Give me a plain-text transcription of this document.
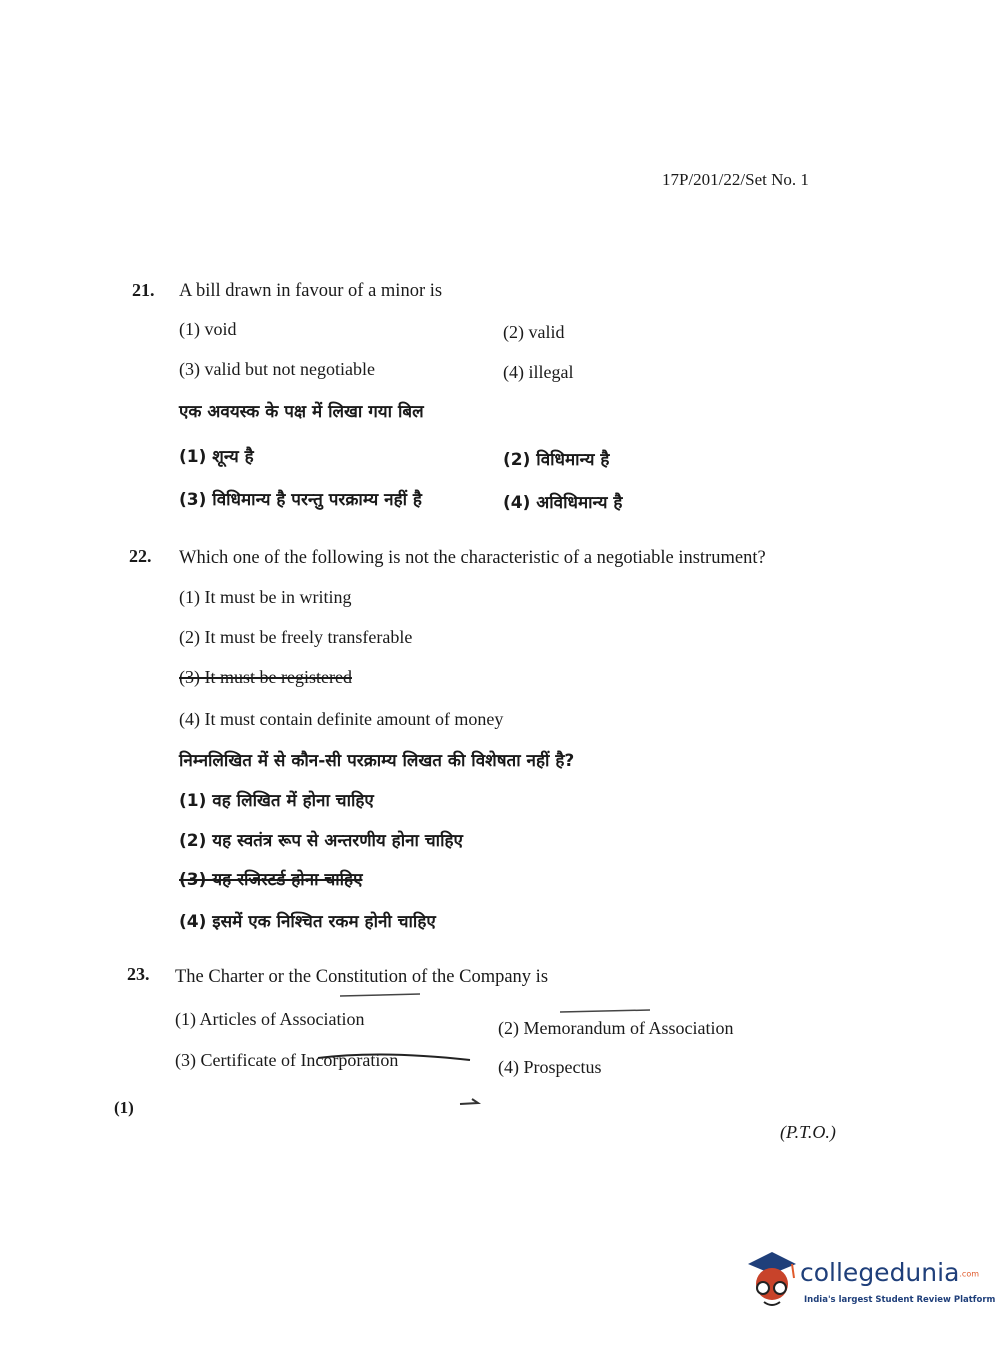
17P/201/22/Set No. 1
21. A bill drawn in favour of a minor is
(1) void	(2) valid
(3) valid but not negotiable	(4) illegal
एक अवयस्क के पक्ष में लिखा गया बिल
(1) शून्य है	(2) विधिमान्य है
(3) विधिमान्य है परन्तु परक्राम्य नहीं है	(4) अविधिमान्य है
22. Which one of the following is not the characteristic of a negotiable instrument?
(1) It must be in writing
(2) It must be freely transferable
(3) It must be registered
(4) It must contain definite amount of money
निम्नलिखित में से कौन-सी परक्राम्य लिखत की विशेषता नहीं है?
(1) वह लिखित में होना चाहिए
(2) यह स्वतंत्र रूप से अन्तरणीय होना चाहिए
(3) यह रजिस्टर्ड होना चाहिए
(4) इसमें एक निश्चित रकम होनी चाहिए
23. The Charter or the Constitution of the Company is
(1) Articles of Association	(2) Memorandum of Association
(3) Certificate of Incorporation	(4) Prospectus
(1)
(P.T.O.)
collegedunia.com
India's largest Student Review Platform
